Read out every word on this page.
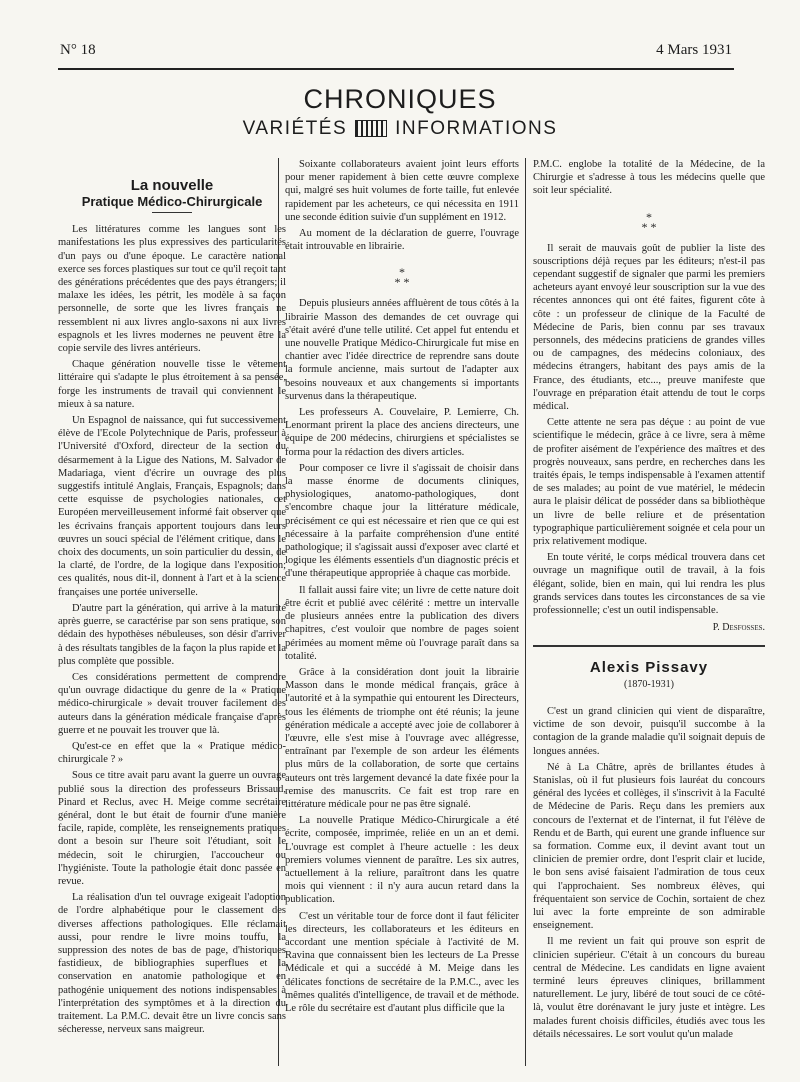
N° 18	4 Mars 1931
CHRONIQUES
VARIÉTÉS	INFORMATIONS
La nouvelle
Pratique Médico-Chirurgicale

Les littératures comme les langues sont les manifestations les plus expressives des particularités d'un pays ou d'une époque. Le caractère national exerce ses forces plastiques sur tout ce qu'il reçoit tant des générations précédentes que des pays étrangers; il malaxe les idées, les pétrit, les modèle à sa façon personnelle, de sorte que les livres français ne ressemblent ni aux livres anglo-saxons ni aux livres espagnols et les livres modernes ne peuvent être la copie servile des livres antérieurs.

Chaque génération nouvelle tisse le vêtement littéraire qui s'adapte le plus étroitement à sa pensée, forge les instruments de travail qui conviennent le mieux à sa nature.

Un Espagnol de naissance, qui fut successivement élève de l'Ecole Polytechnique de Paris, professeur à l'Université d'Oxford, directeur de la section du désarmement à la Ligue des Nations, M. Salvador de Madariaga, vient d'écrire un ouvrage des plus suggestifs intitulé Anglais, Français, Espagnols; dans cette esquisse de psychologies nationales, cet Européen merveilleusement informé fait observer que les écrivains français apportent toujours dans leurs œuvres un souci spécial de l'élément critique, dans le choix des documents, un soin particulier du dessin, de la clarté, de l'ordre, de la logique dans l'exposition; ces qualités, nous dit-il, donnent à l'art et à la science françaises une portée universelle.

D'autre part la génération, qui arrive à la maturité après guerre, se caractérise par son sens pratique, son dédain des hypothèses nébuleuses, son désir d'arriver à des résultats tangibles de la façon la plus rapide et la plus complète que possible.

Ces considérations permettent de comprendre qu'un ouvrage didactique du genre de la « Pratique médico-chirurgicale » devait trouver facilement des auteurs dans la génération médicale française d'après guerre et ne pouvait les trouver que là.

Qu'est-ce en effet que la « Pratique médico-chirurgicale ? »

Sous ce titre avait paru avant la guerre un ouvrage publié sous la direction des professeurs Brissaud, Pinard et Reclus, avec H. Meige comme secrétaire général, dont le but était de fournir d'une manière facile, rapide, complète, les renseignements pratiques dont a besoin sur l'heure soit l'étudiant, soit le médecin, soit le chirurgien, l'accoucheur ou l'hygiéniste. Toute la pathologie était donc passée en revue.

La réalisation d'un tel ouvrage exigeait l'adoption de l'ordre alphabétique pour le classement des diverses affections pathologiques. Elle réclamait aussi, pour rendre le livre moins touffu, la suppression des notes de bas de page, d'historiques fastidieux, de bibliographies superflues et la conservation en anatomie pathologique et en pathogénie uniquement des notions indispensables à l'interprétation des symptômes et à la direction du traitement. La P.M.C. devait être un livre concis sans sécheresse, nerveux sans maigreur.

Soixante collaborateurs avaient joint leurs efforts pour mener rapidement à bien cette œuvre complexe qui, malgré ses huit volumes de forte taille, fut enlevée rapidement par les acheteurs, ce qui nécessita en 1911 une seconde édition suivie d'un supplément en 1912.

Au moment de la déclaration de guerre, l'ouvrage était introuvable en librairie.

*
* *

Depuis plusieurs années affluèrent de tous côtés à la librairie Masson des demandes de cet ouvrage qui s'était avéré d'une telle utilité. Cet appel fut entendu et une nouvelle Pratique Médico-Chirurgicale fut mise en chantier avec l'idée directrice de reprendre sans doute la formule ancienne, mais surtout de l'adapter aux besoins nouveaux et aux changements si importants survenus dans la thérapeutique.

Les professeurs A. Couvelaire, P. Lemierre, Ch. Lenormant prirent la place des anciens directeurs, une équipe de 200 médecins, chirurgiens et spécialistes se forma pour la rédaction des divers articles.

Pour composer ce livre il s'agissait de choisir dans la masse énorme de documents cliniques, physiologiques, anatomo-pathologiques, dont s'encombre chaque jour la littérature médicale, précisément ce qui est nécessaire et rien que ce qui est nécessaire à la parfaite compréhension d'une entité pathologique; il s'agissait aussi d'exposer avec clarté et logique les éléments essentiels d'un diagnostic précis et d'une thérapeutique appropriée à chaque cas morbide.

Il fallait aussi faire vite; un livre de cette nature doit être écrit et publié avec célérité : mettre un intervalle de plusieurs années entre la publication des divers chapitres, c'est vouloir que nombre de pages soient périmées au moment même où l'ouvrage paraît dans sa totalité.

Grâce à la considération dont jouit la librairie Masson dans le monde médical français, grâce à l'autorité et à la sympathie qui entourent les Directeurs, tous les éléments de triomphe ont été réunis; la jeune génération médicale a accepté avec joie de collaborer à l'œuvre, elle s'est mise à l'ouvrage avec allégresse, entraînant par l'exemple de son ardeur les éléments plus mûrs de la collaboration, de sorte que certains auteurs ont très largement devancé la date fixée pour la remise des manuscrits. Ce fait est trop rare en littérature médicale pour ne pas être signalé.

La nouvelle Pratique Médico-Chirurgicale a été écrite, composée, imprimée, reliée en un an et demi. L'ouvrage est complet à l'heure actuelle : les deux premiers volumes viennent de paraître. Les six autres, actuellement à la reliure, paraîtront dans les quatre mois qui viennent : il n'y aura aucun retard dans la publication.

C'est un véritable tour de force dont il faut féliciter les directeurs, les collaborateurs et les éditeurs en accordant une mention spéciale à l'activité de M. Ravina que connaissent bien les lecteurs de La Presse Médicale et qui a succédé à M. Meige dans les délicates fonctions de secrétaire de la P.M.C., avec les mêmes qualités d'intelligence, de travail et de méthode. Le rôle du secrétaire est d'autant plus difficile que la

P.M.C. englobe la totalité de la Médecine, de la Chirurgie et s'adresse à tous les médecins quelle que soit leur spécialité.

*
* *

Il serait de mauvais goût de publier la liste des souscriptions déjà reçues par les éditeurs; n'est-il pas cependant suggestif de signaler que parmi les premiers acheteurs ayant envoyé leur souscription sur la vue des récentes annonces qui ont été faites, figurent côte à côte : un professeur de clinique de la Faculté de Médecine de Paris, bien connu par ses travaux personnels, des médecins praticiens de grandes villes ou de campagnes, des médecins coloniaux, des médecins étrangers, habitant des pays amis de la France, des étudiants, etc..., preuve manifeste que l'ouvrage en préparation était attendu de tout le corps médical.

Cette attente ne sera pas déçue : au point de vue scientifique le médecin, grâce à ce livre, sera à même de profiter aisément de l'expérience des maîtres et des progrès nouveaux, sans perdre, en recherches dans les traités épais, le temps indispensable à l'examen attentif de ses malades; au point de vue matériel, le médecin aura le plaisir délicat de posséder dans sa bibliothèque un livre de belle reliure et de présentation typographique particulièrement soignée et cela pour un prix relativement modique.

En toute vérité, le corps médical trouvera dans cet ouvrage un magnifique outil de travail, à la fois élégant, solide, bien en main, qui lui rendra les plus grands services dans toutes les circonstances de sa vie professionnelle; c'est un outil indispensable.

P. Desfosses.
Alexis Pissavy
(1870-1931)

C'est un grand clinicien qui vient de disparaître, victime de son devoir, puisqu'il succombe à la contagion de la grande maladie qu'il soignait depuis de longues années.

Né à La Châtre, après de brillantes études à Stanislas, où il fut plusieurs fois lauréat du concours général des lycées et collèges, il s'inscrivit à la Faculté de Médecine de Paris. Reçu dans les premiers aux concours de l'externat et de l'internat, il fut l'élève de Rendu et de Barth, qui eurent une grande influence sur sa formation. Comme eux, il devint avant tout un clinicien de premier ordre, dont l'esprit clair et lucide, le bon sens avisé faisaient l'admiration de tous ceux qui l'approchaient. Ses nombreux élèves, qui fréquentaient son service de Cochin, sortaient de chez lui avec la forte empreinte de son admirable enseignement.

Il me revient un fait qui prouve son esprit de clinicien supérieur. C'était à un concours du bureau central de Médecine. Les candidats en ligne avaient terminé leurs épreuves cliniques, brillamment naturellement. Le jury, libéré de tout souci de ce côté-là, voulut être dorénavant le jury juste et intègre. Les malades furent choisis difficiles, étudiés avec tous les détails nécessaires. Le sort voulut qu'un malade
